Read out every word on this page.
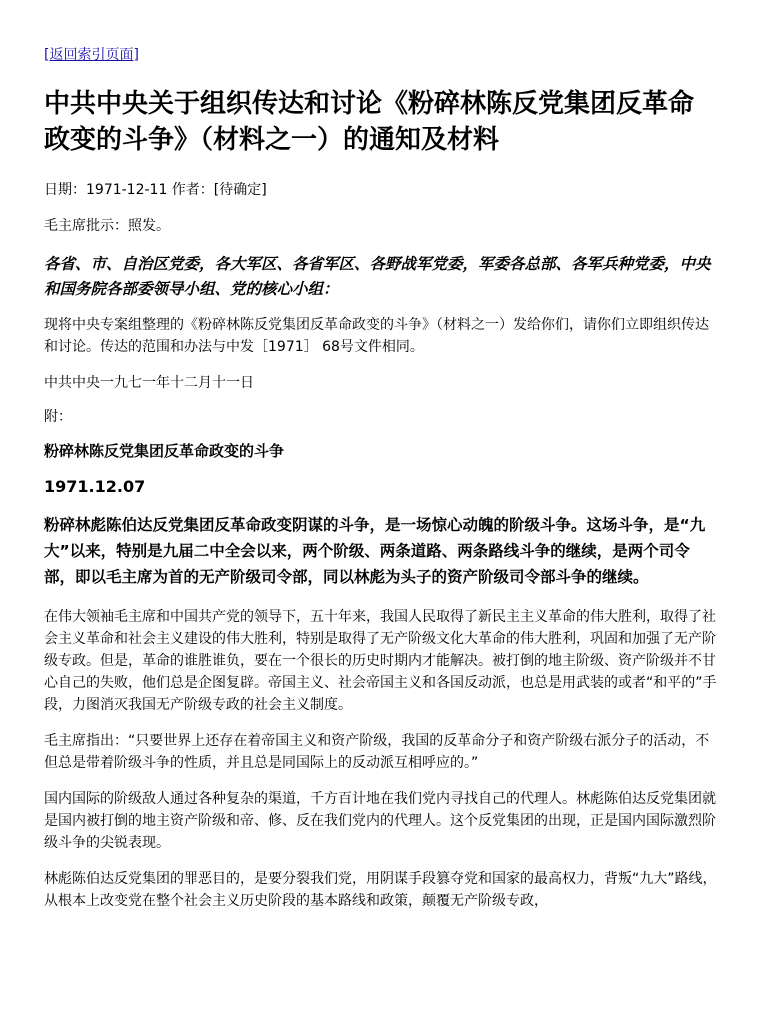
[返回索引页面]
中共中央关于组织传达和讨论《粉碎林陈反党集团反革命政变的斗争》（材料之一）的通知及材料

日期：1971-12-11 作者：[待确定]

毛主席批示：照发。

各省、市、自治区党委，各大军区、各省军区、各野战军党委，军委各总部、各军兵种党委，中央和国务院各部委领导小组、党的核心小组：

现将中央专案组整理的《粉碎林陈反党集团反革命政变的斗争》（材料之一）发给你们，请你们立即组织传达和讨论。传达的范围和办法与中发［1971］ 68号文件相同。

中共中央一九七一年十二月十一日

附：

粉碎林陈反党集团反革命政变的斗争

1971.12.07

粉碎林彪陈伯达反党集团反革命政变阴谋的斗争，是一场惊心动魄的阶级斗争。这场斗争，是“九大”以来，特别是九届二中全会以来，两个阶级、两条道路、两条路线斗争的继续，是两个司令部，即以毛主席为首的无产阶级司令部，同以林彪为头子的资产阶级司令部斗争的继续。

在伟大领袖毛主席和中国共产党的领导下，五十年来，我国人民取得了新民主主义革命的伟大胜利，取得了社会主义革命和社会主义建设的伟大胜利，特别是取得了无产阶级文化大革命的伟大胜利，巩固和加强了无产阶级专政。但是，革命的谁胜谁负，要在一个很长的历史时期内才能解决。被打倒的地主阶级、资产阶级并不甘心自己的失败，他们总是企图复辟。帝国主义、社会帝国主义和各国反动派，也总是用武装的或者“和平的”手段，力图消灭我国无产阶级专政的社会主义制度。

毛主席指出：“只要世界上还存在着帝国主义和资产阶级，我国的反革命分子和资产阶级右派分子的活动，不但总是带着阶级斗争的性质，并且总是同国际上的反动派互相呼应的。”

国内国际的阶级敌人通过各种复杂的渠道，千方百计地在我们党内寻找自己的代理人。林彪陈伯达反党集团就是国内被打倒的地主资产阶级和帝、修、反在我们党内的代理人。这个反党集团的出现，正是国内国际激烈阶级斗争的尖锐表现。

林彪陈伯达反党集团的罪恶目的，是要分裂我们党，用阴谋手段篡夺党和国家的最高权力，背叛“九大”路线，从根本上改变党在整个社会主义历史阶段的基本路线和政策，颠覆无产阶级专政，
